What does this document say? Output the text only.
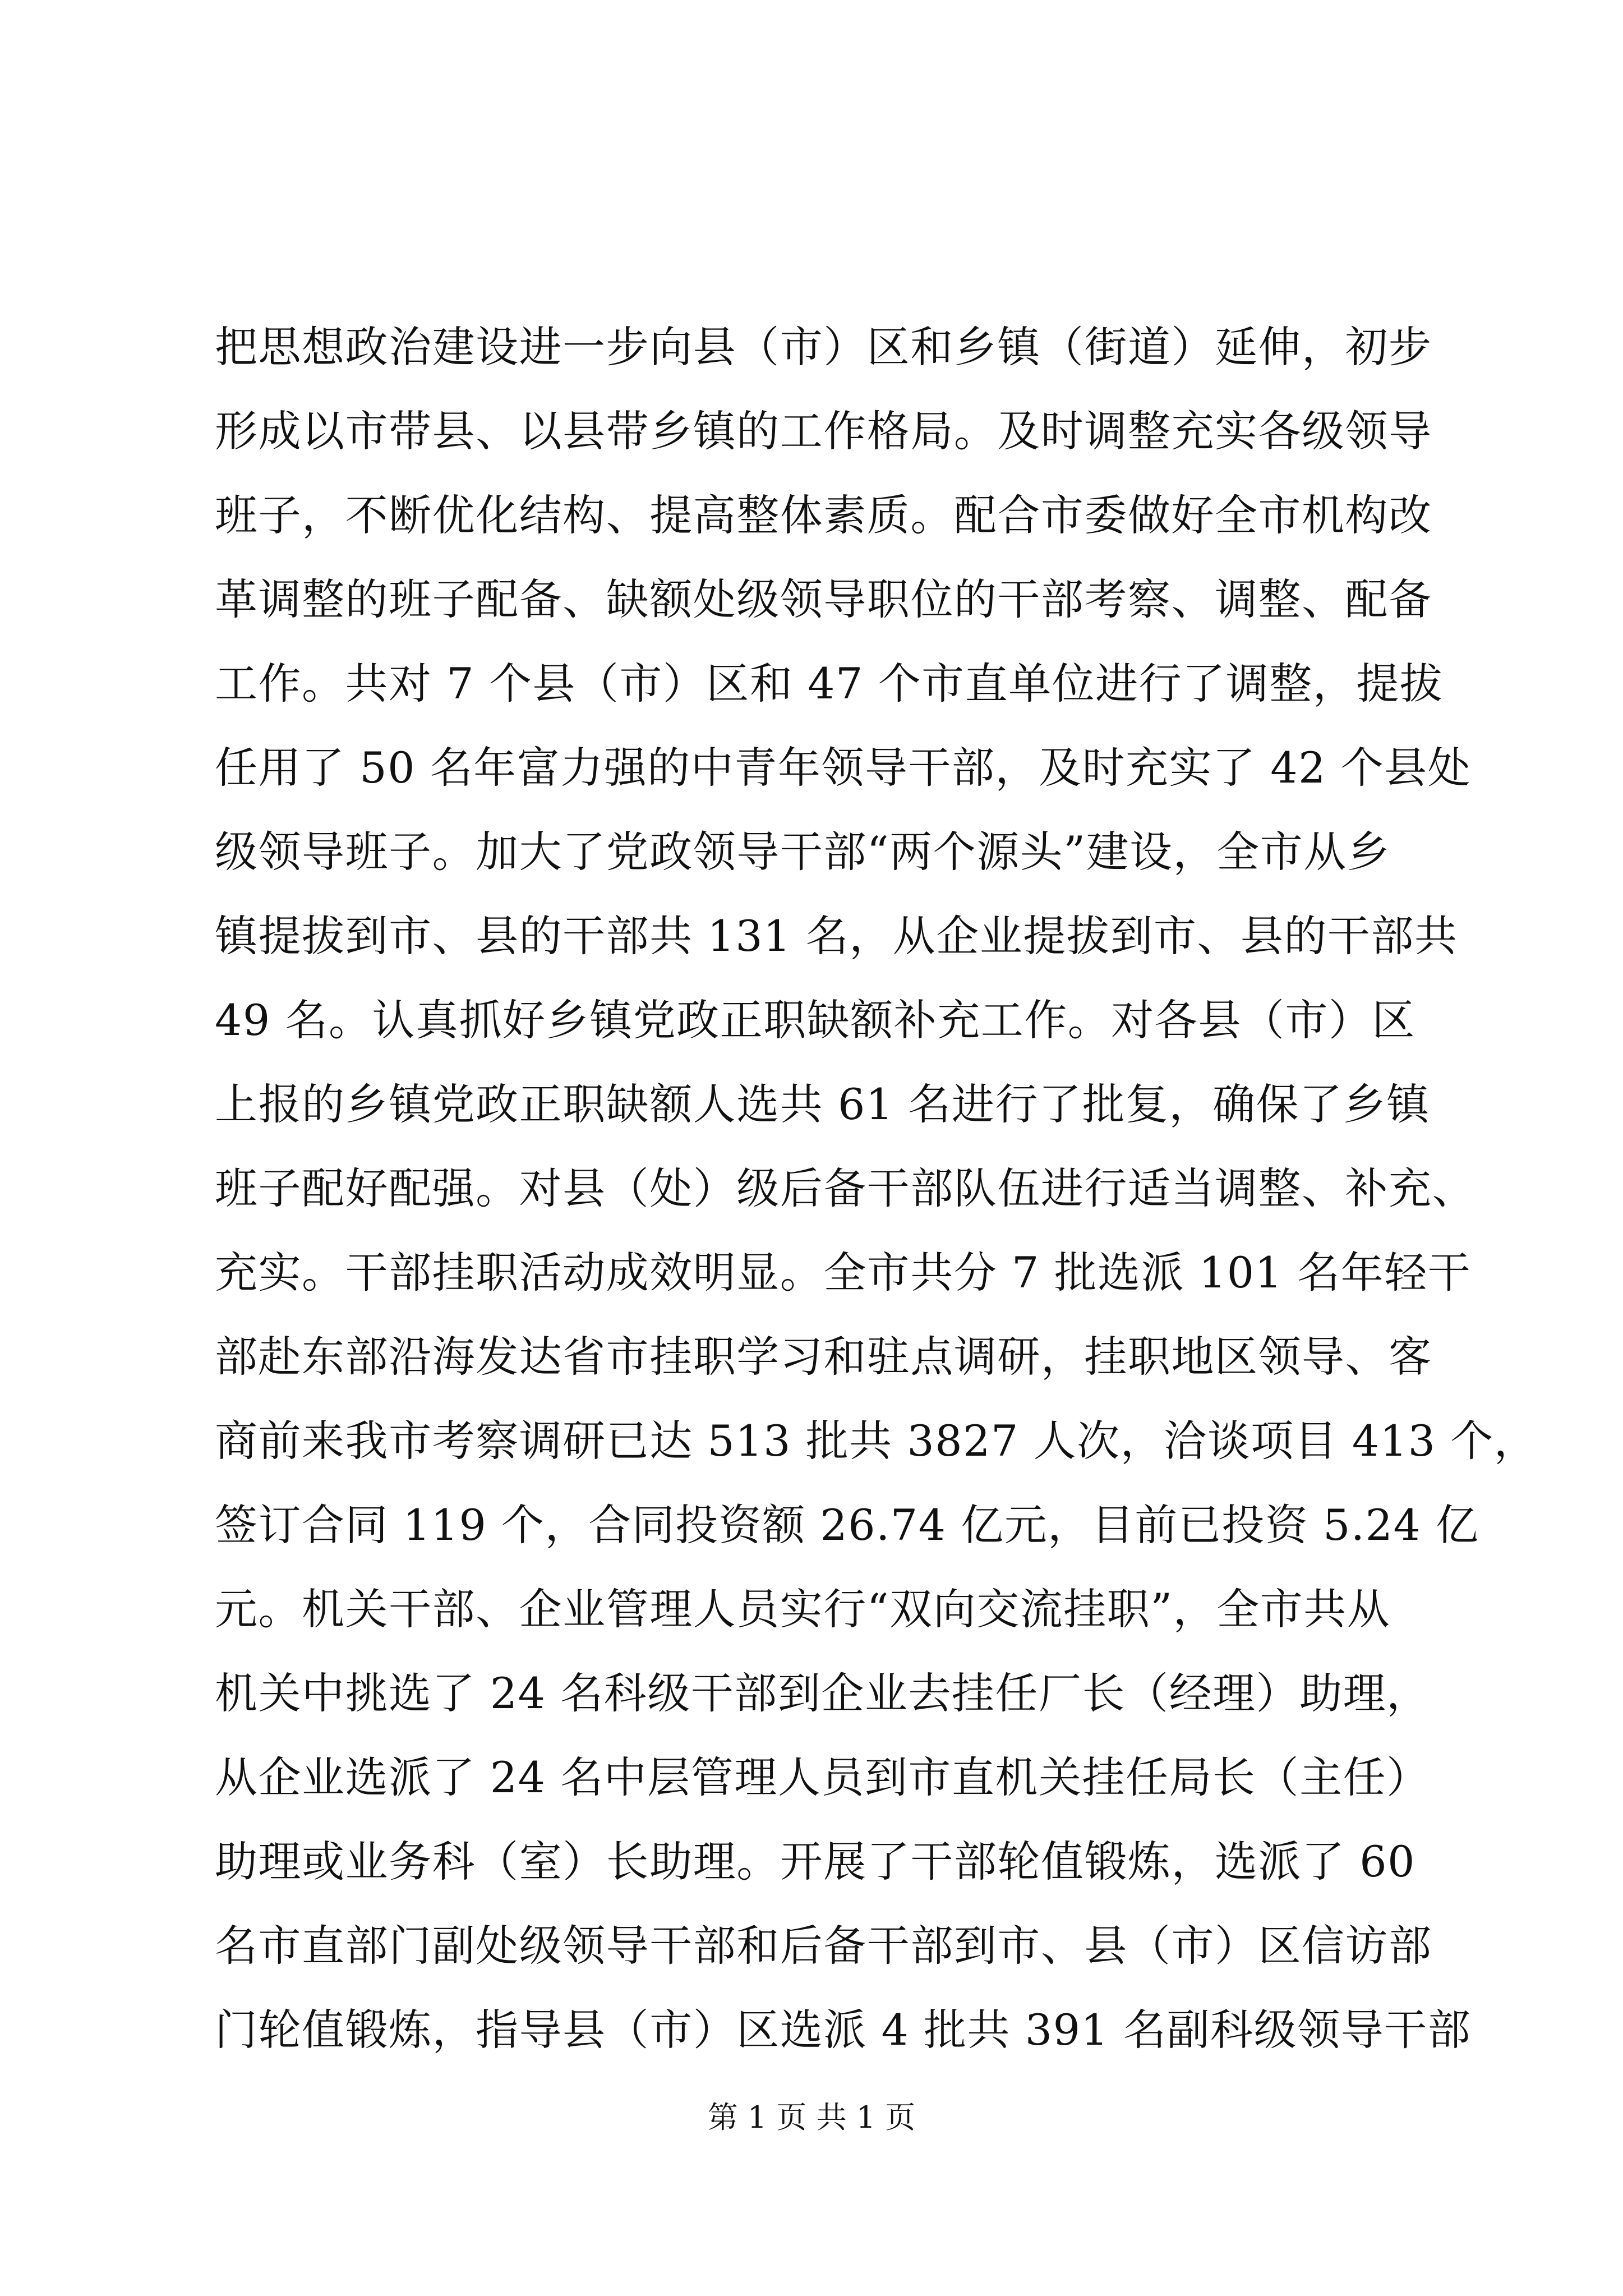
把思想政治建设进一步向县（市）区和乡镇（街道）延伸，初步
形成以市带县、以县带乡镇的工作格局。及时调整充实各级领导
班子，不断优化结构、提高整体素质。配合市委做好全市机构改
革调整的班子配备、缺额处级领导职位的干部考察、调整、配备
工作。共对 7 个县（市）区和 47 个市直单位进行了调整，提拔
任用了 50 名年富力强的中青年领导干部，及时充实了 42 个县处
级领导班子。加大了党政领导干部“两个源头”建设，全市从乡
镇提拔到市、县的干部共 131 名，从企业提拔到市、县的干部共
49 名。认真抓好乡镇党政正职缺额补充工作。对各县（市）区
上报的乡镇党政正职缺额人选共 61 名进行了批复，确保了乡镇
班子配好配强。对县（处）级后备干部队伍进行适当调整、补充、
充实。干部挂职活动成效明显。全市共分 7 批选派 101 名年轻干
部赴东部沿海发达省市挂职学习和驻点调研，挂职地区领导、客
商前来我市考察调研已达 513 批共 3827 人次，洽谈项目 413 个，
签订合同 119 个，合同投资额 26.74 亿元，目前已投资 5.24 亿
元。机关干部、企业管理人员实行“双向交流挂职”，全市共从
机关中挑选了 24 名科级干部到企业去挂任厂长（经理）助理，
从企业选派了 24 名中层管理人员到市直机关挂任局长（主任）
助理或业务科（室）长助理。开展了干部轮值锻炼，选派了 60
名市直部门副处级领导干部和后备干部到市、县（市）区信访部
门轮值锻炼，指导县（市）区选派 4 批共 391 名副科级领导干部
第 1 页 共 1 页
